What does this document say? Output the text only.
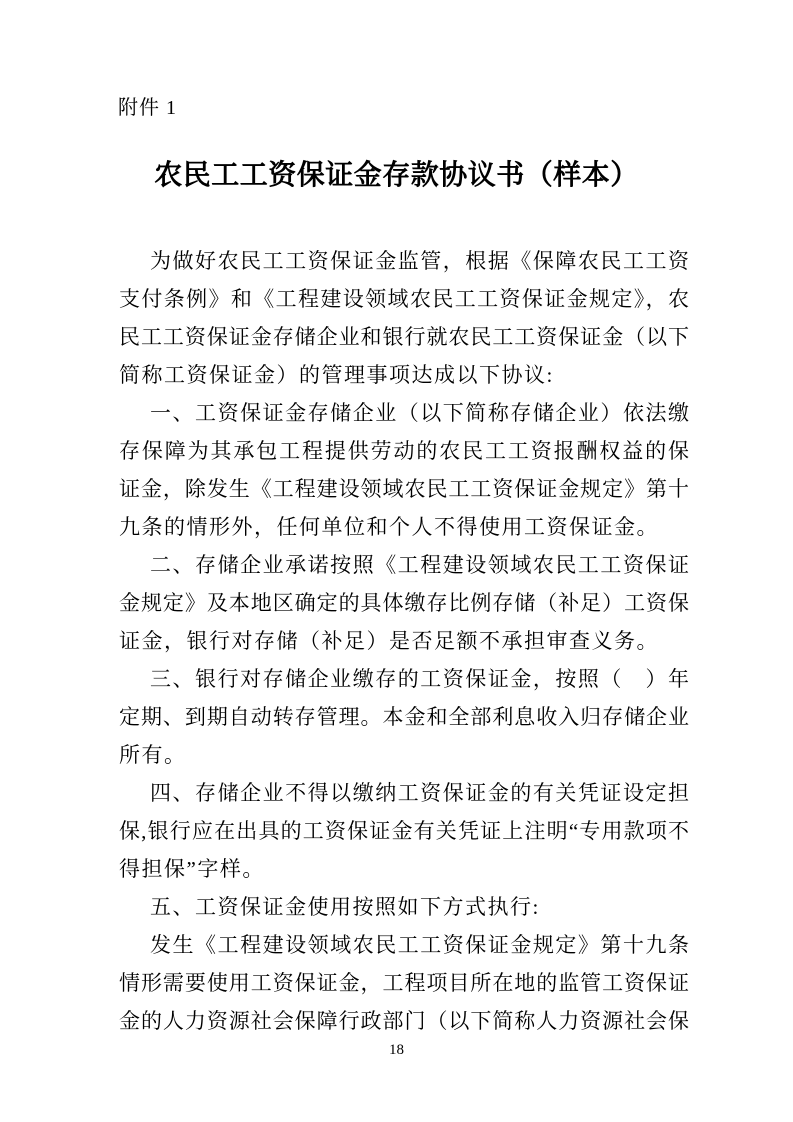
附件 1
农民工工资保证金存款协议书（样本）
为做好农民工工资保证金监管，根据《保障农民工工资
支付条例》和《工程建设领域农民工工资保证金规定》，农
民工工资保证金存储企业和银行就农民工工资保证金（以下
简称工资保证金）的管理事项达成以下协议:
一、工资保证金存储企业（以下简称存储企业）依法缴
存保障为其承包工程提供劳动的农民工工资报酬权益的保
证金，除发生《工程建设领域农民工工资保证金规定》第十
九条的情形外，任何单位和个人不得使用工资保证金。
二、存储企业承诺按照《工程建设领域农民工工资保证
金规定》及本地区确定的具体缴存比例存储（补足）工资保
证金，银行对存储（补足）是否足额不承担审查义务。
三、银行对存储企业缴存的工资保证金，按照（　）年
定期、到期自动转存管理。本金和全部利息收入归存储企业
所有。
四、存储企业不得以缴纳工资保证金的有关凭证设定担
保,银行应在出具的工资保证金有关凭证上注明“专用款项不
得担保”字样。
五、工资保证金使用按照如下方式执行:
发生《工程建设领域农民工工资保证金规定》第十九条
情形需要使用工资保证金，工程项目所在地的监管工资保证
金的人力资源社会保障行政部门（以下简称人力资源社会保
18
